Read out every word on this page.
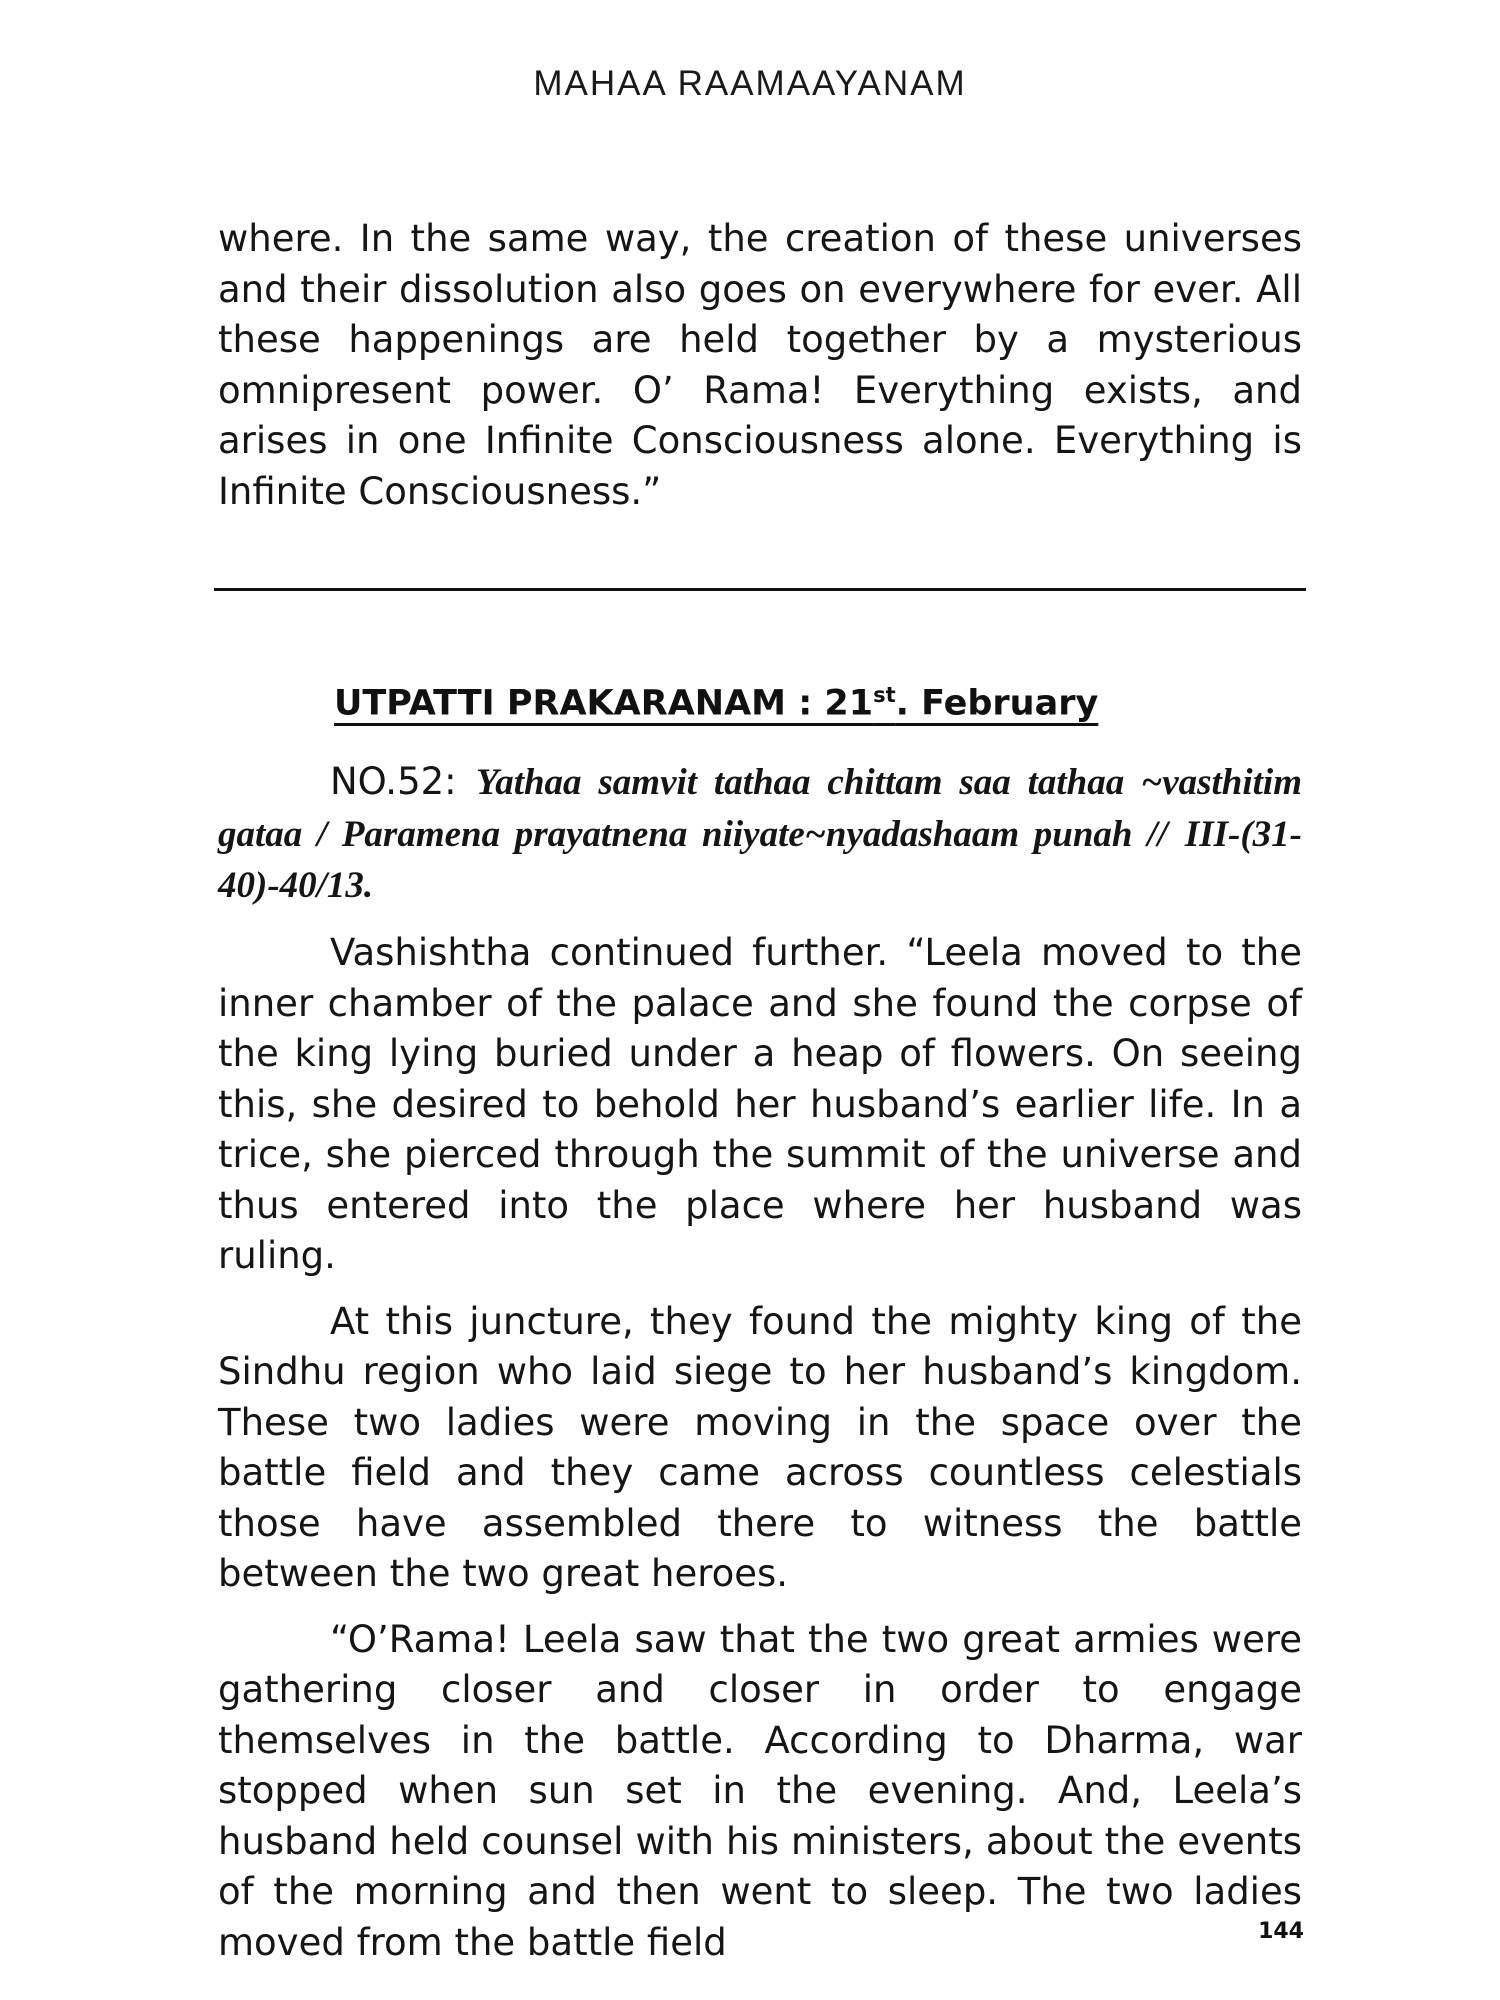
MAHAA RAAMAAYANAM

where. In the same way, the creation of these universes and their dissolution also goes on everywhere for ever. All these happenings are held together by a mysterious omnipresent power. O’ Rama! Everything exists, and arises in one Infinite Consciousness alone. Everything is Infinite Consciousness.”

UTPATTI PRAKARANAM : 21st. February

NO.52: Yathaa samvit tathaa chittam saa tathaa ~vasthitim gataa / Paramena prayatnena niiyate~nyadashaam punah // III-(31-40)-40/13.

Vashishtha continued further. “Leela moved to the inner chamber of the palace and she found the corpse of the king lying buried under a heap of flowers. On seeing this, she desired to behold her husband’s earlier life. In a trice, she pierced through the summit of the universe and thus entered into the place where her husband was ruling.

At this juncture, they found the mighty king of the Sindhu region who laid siege to her husband’s kingdom. These two ladies were moving in the space over the battle field and they came across countless celestials those have assembled there to witness the battle between the two great heroes.

“O’Rama! Leela saw that the two great armies were gathering closer and closer in order to engage themselves in the battle. According to Dharma, war stopped when sun set in the evening. And, Leela’s husband held counsel with his ministers, about the events of the morning and then went to sleep. The two ladies moved from the battle field	144
